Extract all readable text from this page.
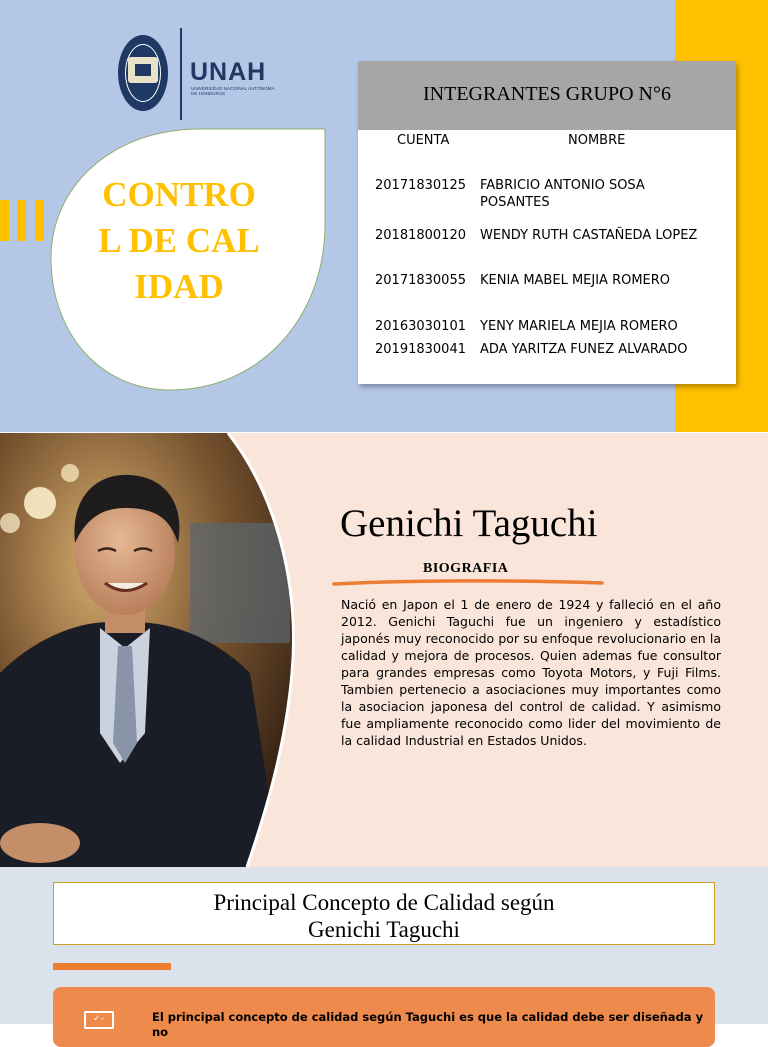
UNAH
UNIVERSIDAD NACIONAL AUTÓNOMA DE HONDURAS
CONTROL DE CALIDAD
INTEGRANTES GRUPO N°6
CUENTA	NOMBRE
20171830125	FABRICIO ANTONIO SOSA POSANTES
20181800120	WENDY RUTH CASTAÑEDA LOPEZ
20171830055	KENIA MABEL MEJIA ROMERO
20163030101	YENY MARIELA MEJIA ROMERO
20191830041	ADA YARITZA FUNEZ ALVARADO
Genichi Taguchi
BIOGRAFIA
Nació en Japon el 1 de enero de 1924 y falleció en el año 2012. Genichi Taguchi fue un ingeniero y estadístico japonés muy reconocido por su enfoque revolucionario en la calidad y mejora de procesos. Quien ademas fue consultor para grandes empresas como Toyota Motors, y Fuji Films. Tambien pertenecio a asociaciones muy importantes como la asociacion japonesa del control de calidad. Y asimismo fue ampliamente reconocido como lider del movimiento de la calidad Industrial en Estados Unidos.
Principal Concepto de Calidad según
Genichi Taguchi
✓–	El principal concepto de calidad según Taguchi es que la calidad debe ser diseñada y no
